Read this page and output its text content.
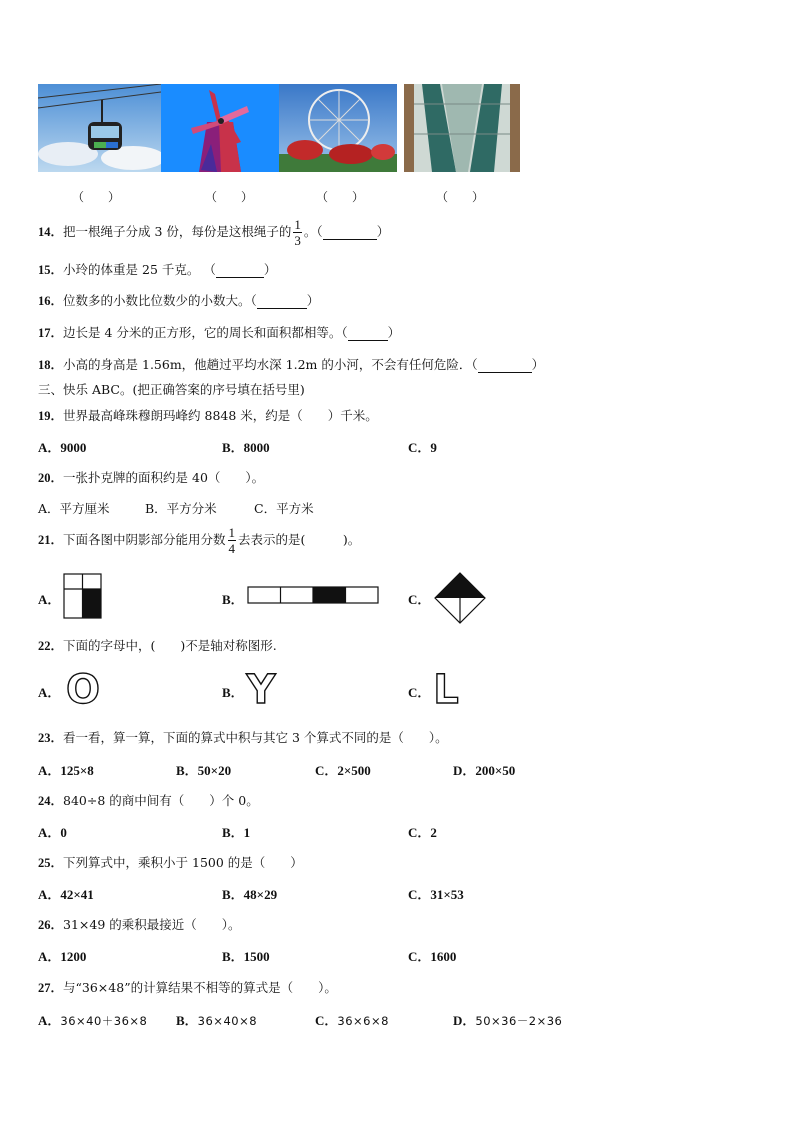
（　　）	（　　）	（　　）	（　　）
14．把一根绳子分成 3 份，每份是这根绳子的 $\frac{1}{3}$ 。（	）
15．小玲的体重是 25 千克。 （	）
16．位数多的小数比位数少的小数大。（	）
17．边长是 4 分米的正方形，它的周长和面积都相等。（	）
18．小高的身高是 1.56m，他趟过平均水深 1.2m 的小河，不会有任何危险．（	）
三、快乐 ABC。(把正确答案的序号填在括号里)
19．世界最高峰珠穆朗玛峰约 8848 米，约是（　　）千米。
A．9000	B．8000	C．9
20．一张扑克牌的面积约是 40（　　）。
A．平方厘米	B．平方分米	C．平方米
21．下面各图中阴影部分能用分数 $\frac{1}{4}$ 去表示的是(　　　)。
A．	B．	C．
22．下面的字母中，(　　)不是轴对称图形.
A． O	B． Y	C． L
23．看一看，算一算，下面的算式中积与其它 3 个算式不同的是（　　）。
A．125×8	B．50×20	C．2×500	D．200×50
24．840÷8 的商中间有（　　）个 0。
A．0	B．1	C．2
25．下列算式中，乘积小于 1500 的是（　　）
A．42×41	B．48×29	C．31×53
26．31×49 的乘积最接近（　　）。
A．1200	B．1500	C．1600
27．与“36×48”的计算结果不相等的算式是（　　）。
A．36×40＋36×8 B．36×40×8	C．36×6×8	D．50×36－2×36
